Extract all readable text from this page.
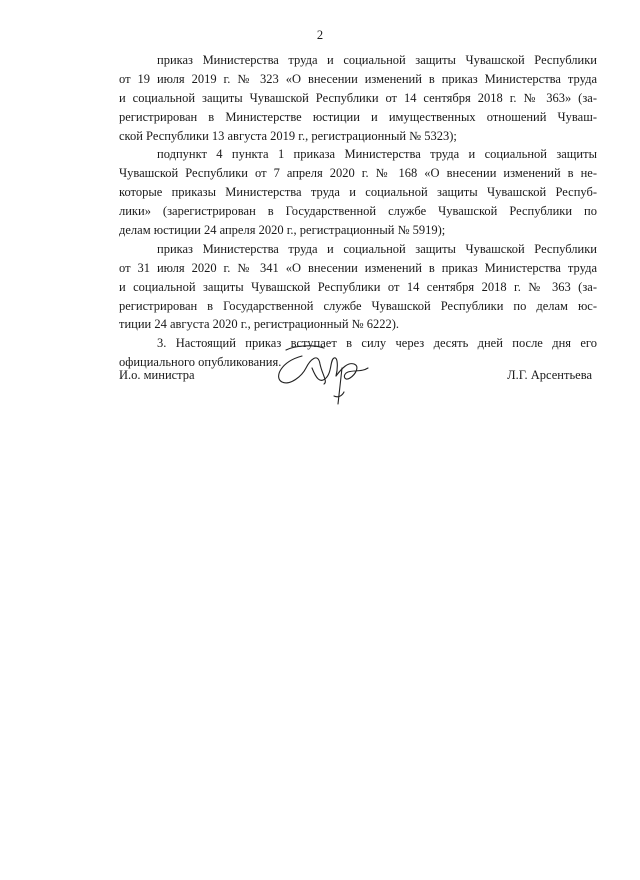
2
приказ Министерства труда и социальной защиты Чувашской Республики
от 19 июля 2019 г. № 323 «О внесении изменений в приказ Министерства труда
и социальной защиты Чувашской Республики от 14 сентября 2018 г. № 363» (за-
регистрирован в Министерстве юстиции и имущественных отношений Чуваш-
ской Республики 13 августа 2019 г., регистрационный № 5323);
подпункт 4 пункта 1 приказа Министерства труда и социальной защиты
Чувашской Республики от 7 апреля 2020 г. № 168 «О внесении изменений в не-
которые приказы Министерства труда и социальной защиты Чувашской Респуб-
лики» (зарегистрирован в Государственной службе Чувашской Республики по
делам юстиции 24 апреля 2020 г., регистрационный № 5919);
приказ Министерства труда и социальной защиты Чувашской Республики
от 31 июля 2020 г. № 341 «О внесении изменений в приказ Министерства труда
и социальной защиты Чувашской Республики от 14 сентября 2018 г. № 363 (за-
регистрирован в Государственной службе Чувашской Республики по делам юс-
тиции 24 августа 2020 г., регистрационный № 6222).
3. Настоящий приказ вступает в силу через десять дней после дня его
официального опубликования.
И.о. министра	Л.Г. Арсентьева
